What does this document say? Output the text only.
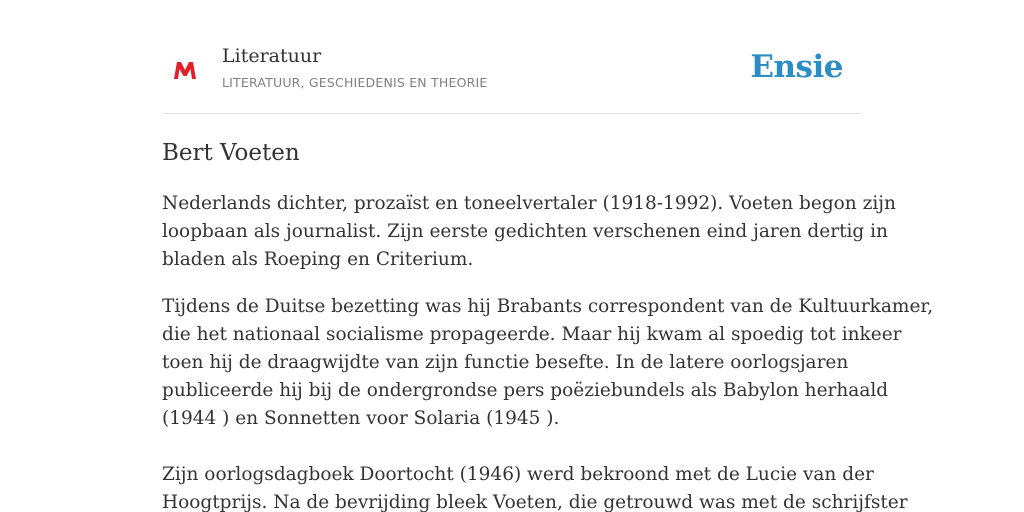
Literatuur
LITERATUUR, GESCHIEDENIS EN THEORIE	Ensie
Bert Voeten

Nederlands dichter, prozaïst en toneelvertaler (1918-1992). Voeten begon zijn
loopbaan als journalist. Zijn eerste gedichten verschenen eind jaren dertig in
bladen als Roeping en Criterium.

Tijdens de Duitse bezetting was hij Brabants correspondent van de Kultuurkamer,
die het nationaal socialisme propageerde. Maar hij kwam al spoedig tot inkeer
toen hij de draagwijdte van zijn functie besefte. In de latere oorlogsjaren
publiceerde hij bij de ondergrondse pers poëziebundels als Babylon herhaald
(1944 ) en Sonnetten voor Solaria (1945 ).

Zijn oorlogsdagboek Doortocht (1946) werd bekroond met de Lucie van der
Hoogtprijs. Na de bevrijding bleek Voeten, die getrouwd was met de schrijfster
